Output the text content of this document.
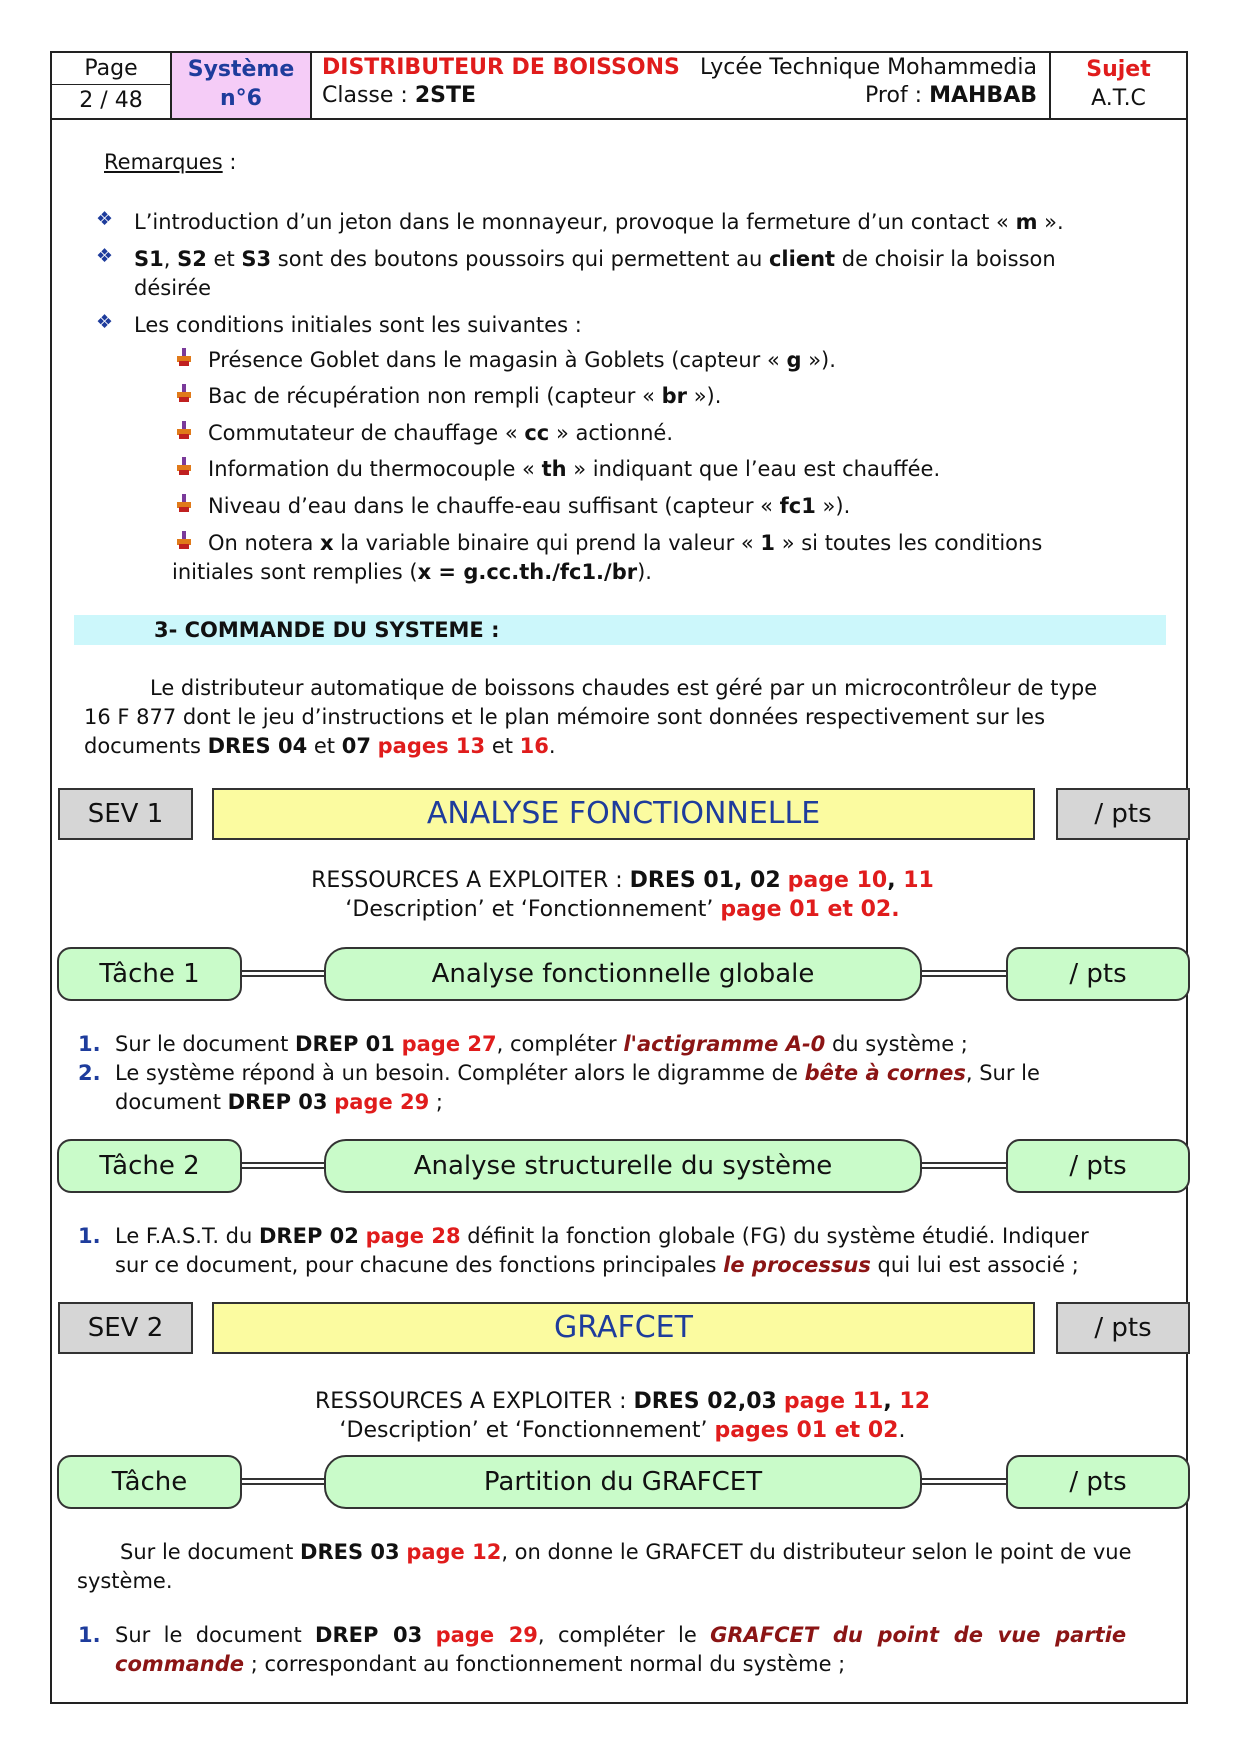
Page
2 / 48
Système
n°6
DISTRIBUTEUR DE BOISSONS
Classe : 2STE
Lycée Technique Mohammedia
Prof : MAHBAB
Sujet
A.T.C
Remarques :
❖ L’introduction d’un jeton dans le monnayeur, provoque la fermeture d’un contact « m ».
❖ S1, S2 et S3 sont des boutons poussoirs qui permettent au client de choisir la boisson
désirée
❖ Les conditions initiales sont les suivantes :
Présence Goblet dans le magasin à Goblets (capteur « g »).
Bac de récupération non rempli (capteur « br »).
Commutateur de chauffage « cc » actionné.
Information du thermocouple « th » indiquant que l’eau est chauffée.
Niveau d’eau dans le chauffe-eau suffisant (capteur « fc1 »).
On notera x la variable binaire qui prend la valeur « 1 » si toutes les conditions
initiales sont remplies (x = g.cc.th./fc1./br).
3- COMMANDE DU SYSTEME :
Le distributeur automatique de boissons chaudes est géré par un microcontrôleur de type
16 F 877 dont le jeu d’instructions et le plan mémoire sont données respectivement sur les
documents DRES 04 et 07 pages 13 et 16.
SEV 1	ANALYSE FONCTIONNELLE	/ pts
RESSOURCES A EXPLOITER : DRES 01, 02 page 10, 11
‘Description’ et ‘Fonctionnement’ page 01 et 02.
Tâche 1	Analyse fonctionnelle globale	/ pts
1. Sur le document DREP 01 page 27, compléter l'actigramme A-0 du système ;
2. Le système répond à un besoin. Compléter alors le digramme de bête à cornes, Sur le
document DREP 03 page 29 ;
Tâche 2	Analyse structurelle du système	/ pts
1. Le F.A.S.T. du DREP 02 page 28 définit la fonction globale (FG) du système étudié. Indiquer
sur ce document, pour chacune des fonctions principales le processus qui lui est associé ;
SEV 2	GRAFCET	/ pts
RESSOURCES A EXPLOITER : DRES 02,03 page 11, 12
‘Description’ et ‘Fonctionnement’ pages 01 et 02.
Tâche	Partition du GRAFCET	/ pts
Sur le document DRES 03 page 12, on donne le GRAFCET du distributeur selon le point de vue
système.
1. Sur  le  document  DREP  03 page  29,  compléter  le  GRAFCET  du  point  de  vue  partie
commande ; correspondant au fonctionnement normal du système ;
